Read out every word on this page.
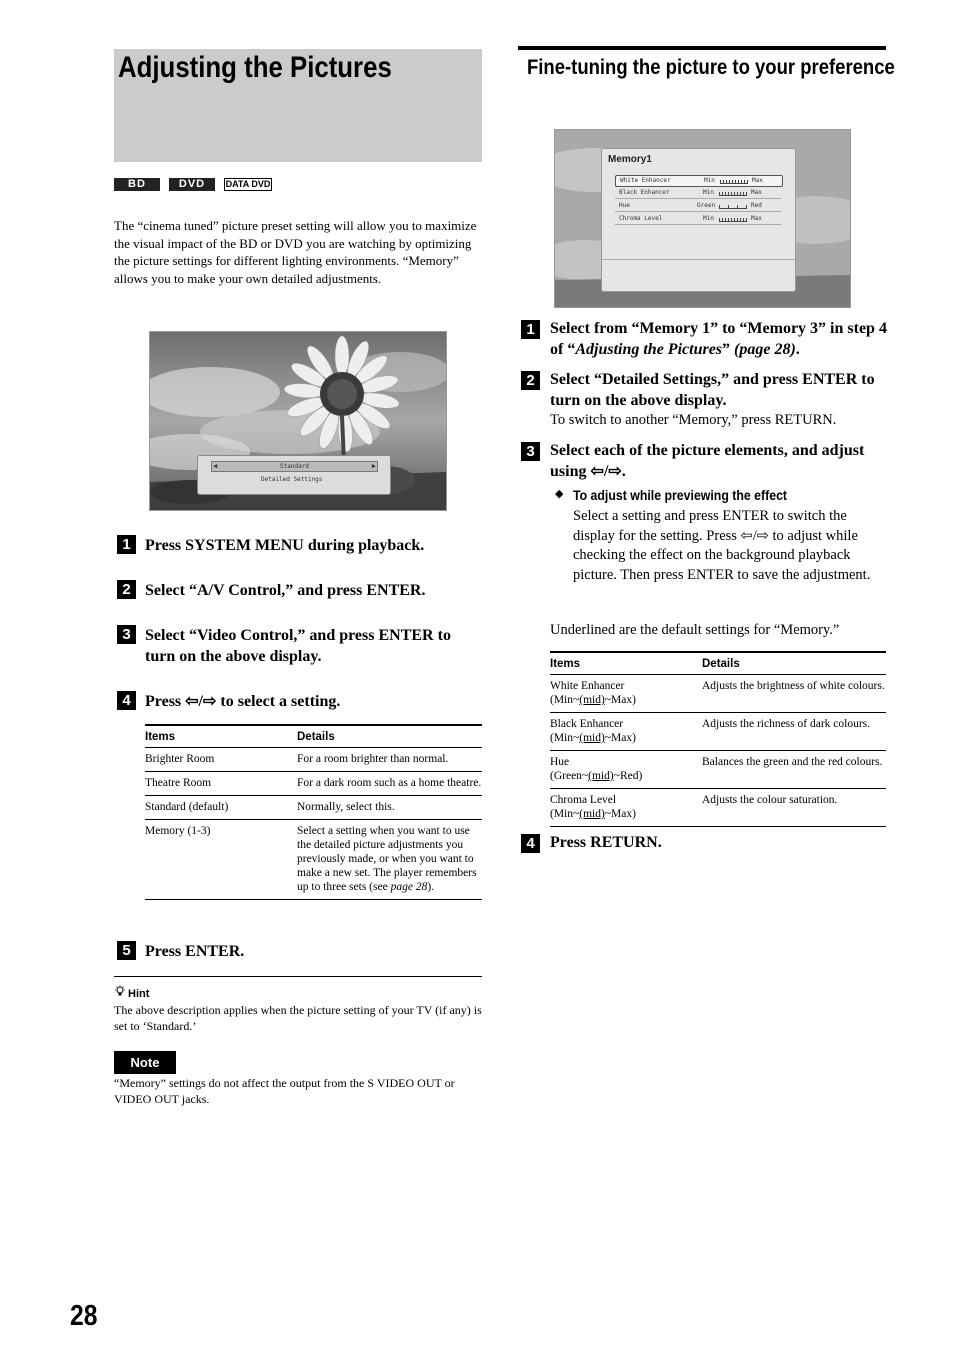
Adjusting the Pictures
BD	DVD	DATA DVD
The “cinema tuned” picture preset setting will allow you to maximize the visual impact of the BD or DVD you are watching by optimizing the picture settings for different lighting environments. “Memory” allows you to make your own detailed adjustments.
◀	Standard	▶
Detailed Settings
1 Press SYSTEM MENU during playback.
2 Select “A/V Control,” and press ENTER.
3 Select “Video Control,” and press ENTER to turn on the above display.
4 Press ⇦/⇨ to select a setting.
Items	Details
Brighter Room	For a room brighter than normal.
Theatre Room	For a dark room such as a home theatre.
Standard (default)	Normally, select this.
Memory (1-3)	Select a setting when you want to use the detailed picture adjustments you previously made, or when you want to make a new set. The player remembers up to three sets (see page 28).
5 Press ENTER.
Hint
The above description applies when the picture setting of your TV (if any) is set to ‘Standard.’
Note
“Memory” settings do not affect the output from the S VIDEO OUT or VIDEO OUT jacks.
Fine-tuning the picture to your preference
Memory1
White Enhancer	Min	Max
Black Enhancer	Min	Max
Hue	Green	Red
Chroma Level	Min	Max
1 Select from “Memory 1” to “Memory 3” in step 4 of “Adjusting the Pictures” (page 28).
2 Select “Detailed Settings,” and press ENTER to turn on the above display.
To switch to another “Memory,” press RETURN.
3 Select each of the picture elements, and adjust using ⇦/⇨.
◆ To adjust while previewing the effect
Select a setting and press ENTER to switch the display for the setting. Press ⇦/⇨ to adjust while checking the effect on the background playback picture. Then press ENTER to save the adjustment.
Underlined are the default settings for “Memory.”
Items	Details
White Enhancer
(Min~(mid)~Max)	Adjusts the brightness of white colours.
Black Enhancer
(Min~(mid)~Max)	Adjusts the richness of dark colours.
Hue
(Green~(mid)~Red)	Balances the green and the red colours.
Chroma Level
(Min~(mid)~Max)	Adjusts the colour saturation.
4 Press RETURN.
28
